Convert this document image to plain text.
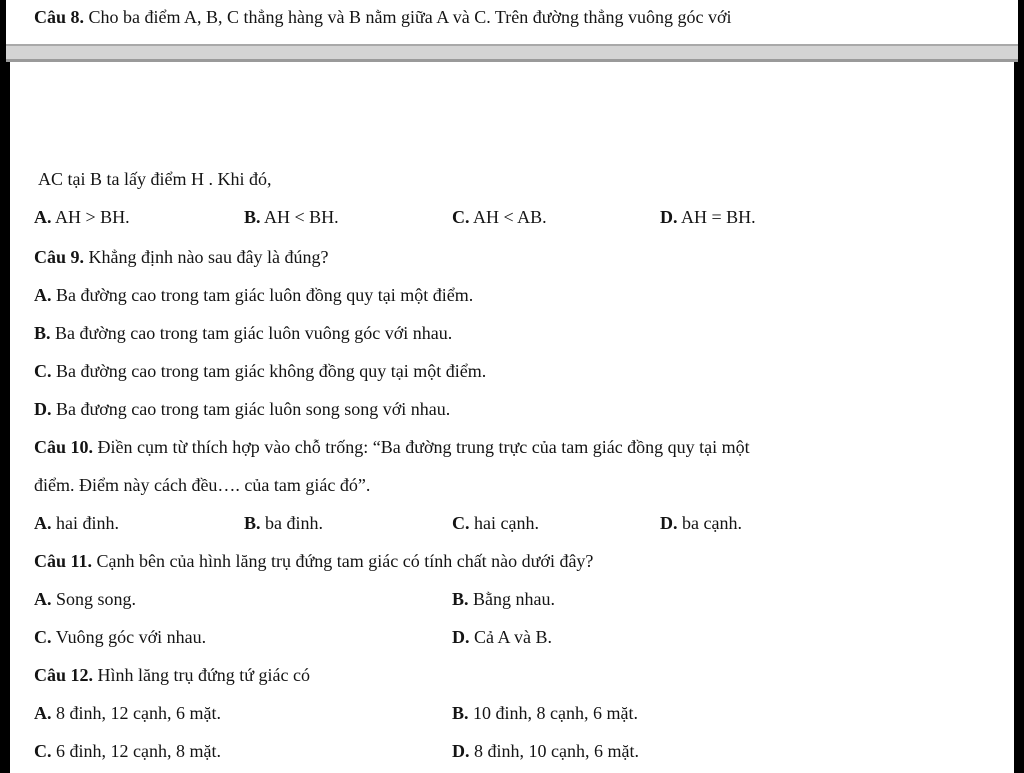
Câu 8. Cho ba điểm A, B, C thẳng hàng và B nằm giữa A và C. Trên đường thẳng vuông góc với
AC tại B ta lấy điểm H . Khi đó,
A. AH > BH.	B. AH < BH.	C. AH < AB.	D. AH = BH.
Câu 9. Khẳng định nào sau đây là đúng?
A. Ba đường cao trong tam giác luôn đồng quy tại một điểm.
B. Ba đường cao trong tam giác luôn vuông góc với nhau.
C. Ba đường cao trong tam giác không đồng quy tại một điểm.
D. Ba đương cao trong tam giác luôn song song với nhau.
Câu 10. Điền cụm từ thích hợp vào chỗ trống: “Ba đường trung trực của tam giác đồng quy tại một
điểm. Điểm này cách đều…. của tam giác đó”.
A. hai đinh.	B. ba đinh.	C. hai cạnh.	D. ba cạnh.
Câu 11. Cạnh bên của hình lăng trụ đứng tam giác có tính chất nào dưới đây?
A. Song song.	B. Bằng nhau.
C. Vuông góc với nhau.	D. Cả A và B.
Câu 12. Hình lăng trụ đứng tứ giác có
A. 8 đinh, 12 cạnh, 6 mặt.	B. 10 đinh, 8 cạnh, 6 mặt.
C. 6 đinh, 12 cạnh, 8 mặt.	D. 8 đinh, 10 cạnh, 6 mặt.
